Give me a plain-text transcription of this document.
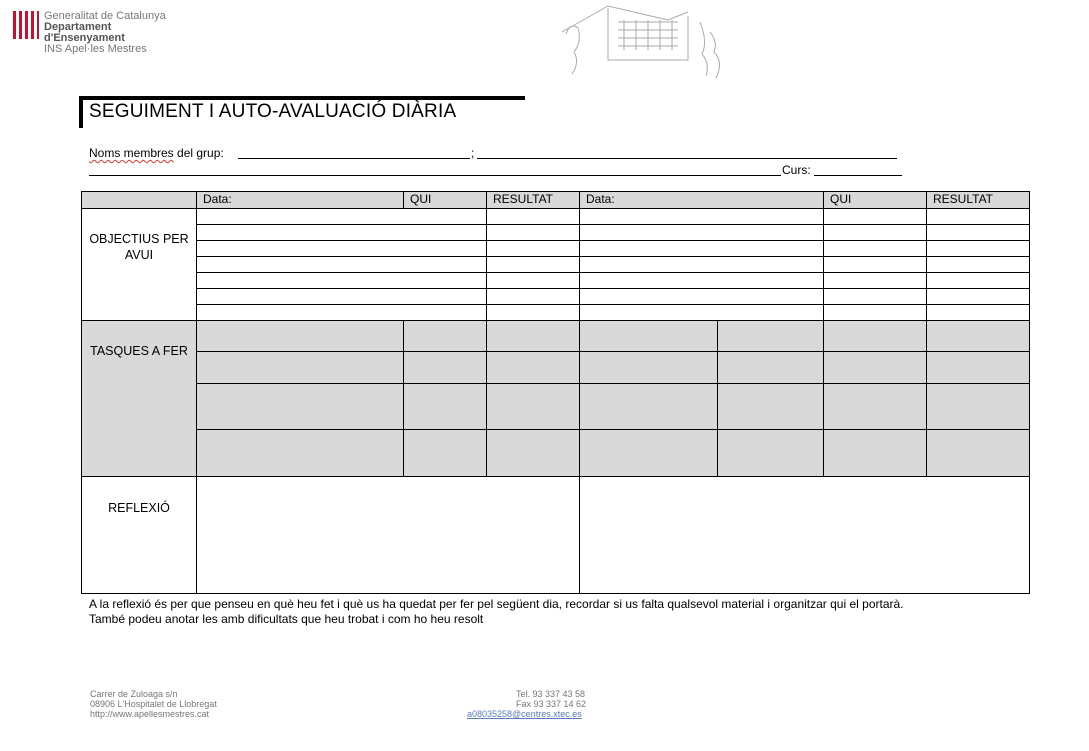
Generalitat de Catalunya
Departament
d'Ensenyament
INS Apel·les Mestres
SEGUIMENT I AUTO-AVALUACIÓ DIÀRIA
Noms membres del grup:	;
Curs:
Data:	QUI	RESULTAT	Data:	QUI	RESULTAT
OBJECTIUS PER AVUI
TASQUES A FER
REFLEXIÓ
A la reflexió és per que penseu en què heu fet i què us ha quedat per fer pel següent dia, recordar si us falta qualsevol material i organitzar qui el portarà.
També podeu anotar les amb dificultats que heu trobat i com ho heu resolt
Carrer de Zuloaga s/n
08906 L'Hospitalet de Llobregat
http://www.apellesmestres.cat
Tel. 93 337 43 58
Fax 93 337 14 62
a08035258@centres.xtec.es
